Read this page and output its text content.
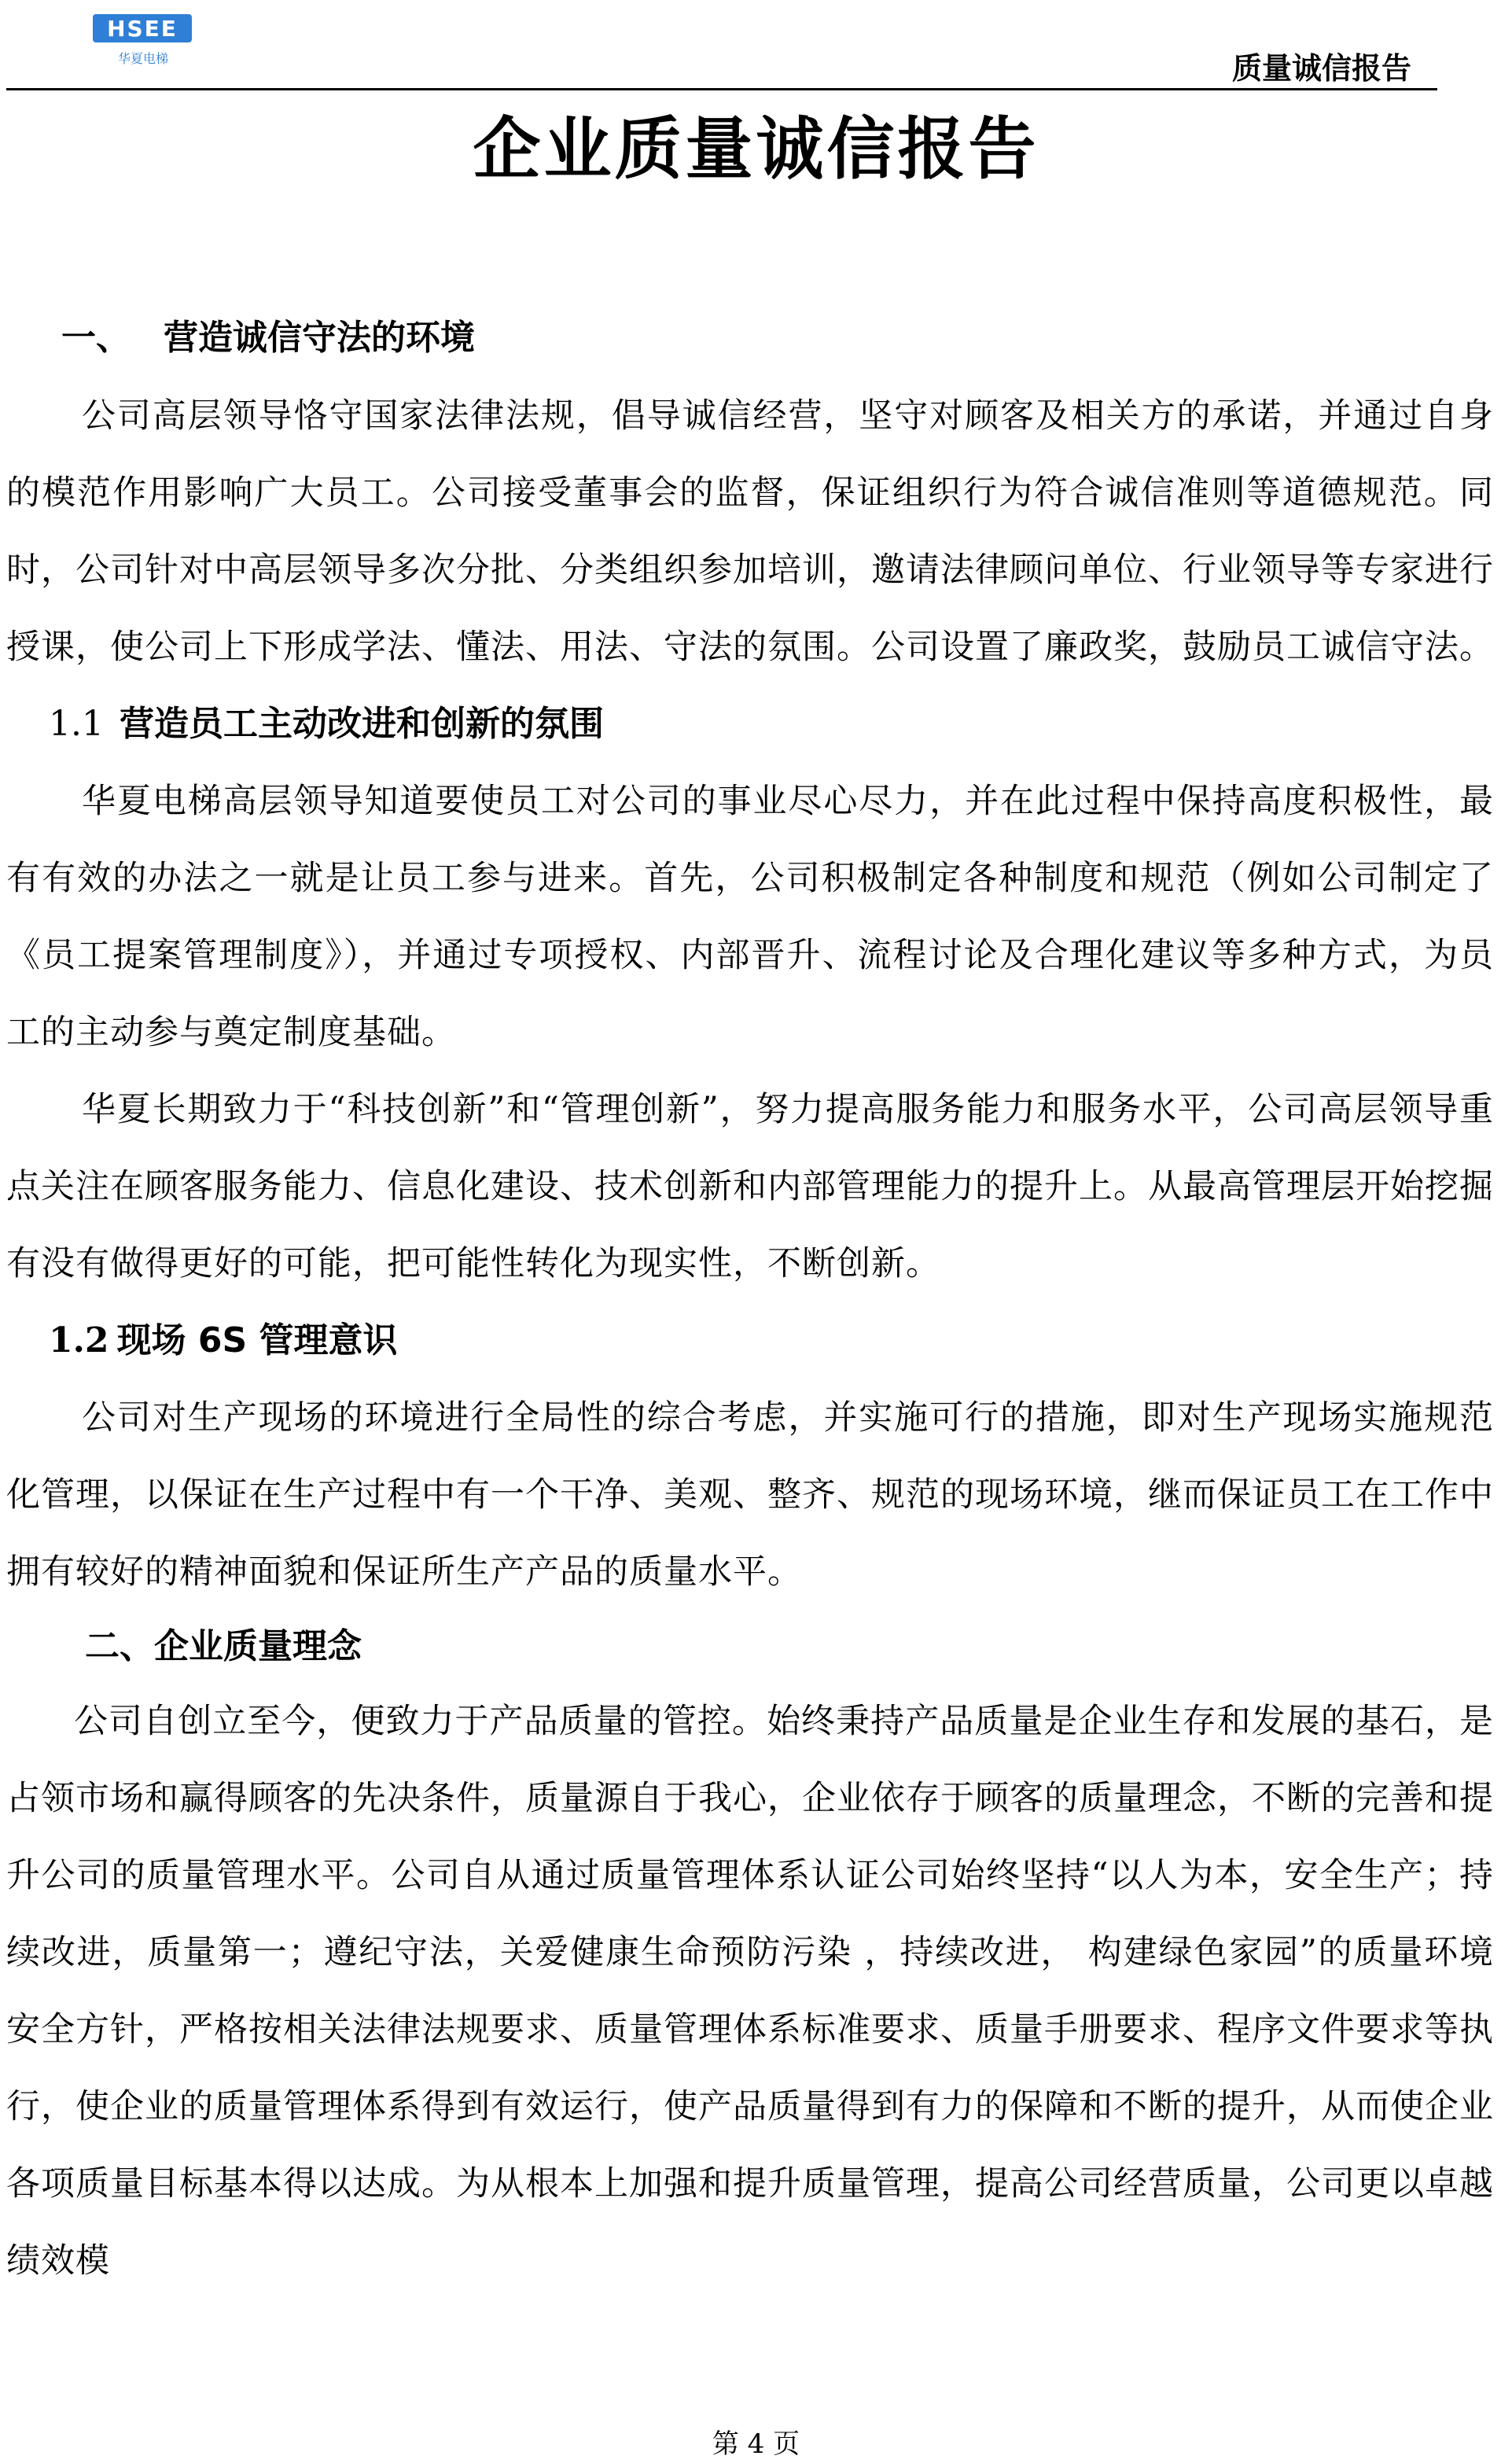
HSEE
华夏电梯	质量诚信报告
企业质量诚信报告
一、 营造诚信守法的环境

公司高层领导恪守国家法律法规，倡导诚信经营，坚守对顾客及相关方的承诺，并通过自身的模范作用影响广大员工。公司接受董事会的监督，保证组织行为符合诚信准则等道德规范。同时，公司针对中高层领导多次分批、分类组织参加培训，邀请法律顾问单位、行业领导等专家进行授课，使公司上下形成学法、懂法、用法、守法的氛围。公司设置了廉政奖，鼓励员工诚信守法。

1.1 营造员工主动改进和创新的氛围

华夏电梯高层领导知道要使员工对公司的事业尽心尽力，并在此过程中保持高度积极性，最有有效的办法之一就是让员工参与进来。首先，公司积极制定各种制度和规范（例如公司制定了《员工提案管理制度》），并通过专项授权、内部晋升、流程讨论及合理化建议等多种方式，为员工的主动参与奠定制度基础。

华夏长期致力于“科技创新”和“管理创新”，努力提高服务能力和服务水平，公司高层领导重点关注在顾客服务能力、信息化建设、技术创新和内部管理能力的提升上。从最高管理层开始挖掘有没有做得更好的可能，把可能性转化为现实性，不断创新。

1.2 现场 6S 管理意识

公司对生产现场的环境进行全局性的综合考虑，并实施可行的措施，即对生产现场实施规范化管理，以保证在生产过程中有一个干净、美观、整齐、规范的现场环境，继而保证员工在工作中拥有较好的精神面貌和保证所生产产品的质量水平。

二、企业质量理念

公司自创立至今，便致力于产品质量的管控。始终秉持产品质量是企业生存和发展的基石，是占领市场和赢得顾客的先决条件，质量源自于我心，企业依存于顾客的质量理念，不断的完善和提升公司的质量管理水平。公司自从通过质量管理体系认证公司始终坚持“以人为本，安全生产；持续改进，质量第一；遵纪守法，关爱健康生命预防污染 ，持续改进， 构建绿色家园”的质量环境安全方针，严格按相关法律法规要求、质量管理体系标准要求、质量手册要求、程序文件要求等执行，使企业的质量管理体系得到有效运行，使产品质量得到有力的保障和不断的提升，从而使企业各项质量目标基本得以达成。为从根本上加强和提升质量管理，提高公司经营质量，公司更以卓越绩效模

第 4 页
